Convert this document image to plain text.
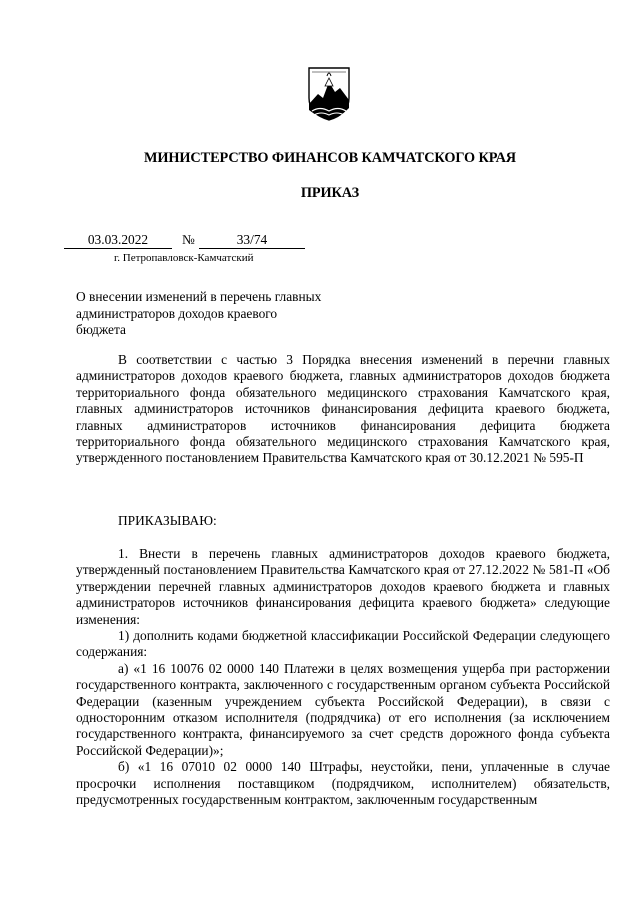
МИНИСТЕРСТВО ФИНАНСОВ КАМЧАТСКОГО КРАЯ
ПРИКАЗ
03.03.2022	№	33/74
г. Петропавловск-Камчатский
О внесении изменений в перечень главных администраторов доходов краевого бюджета

В соответствии с частью 3 Порядка внесения изменений в перечни главных администраторов доходов краевого бюджета, главных администраторов доходов бюджета территориального фонда обязательного медицинского страхования Камчатского края, главных администраторов источников финансирования дефицита краевого бюджета, главных администраторов источников финансирования дефицита бюджета территориального фонда обязательного медицинского страхования Камчатского края, утвержденного постановлением Правительства Камчатского края от 30.12.2021 № 595-П

ПРИКАЗЫВАЮ:

1. Внести в перечень главных администраторов доходов краевого бюджета, утвержденный постановлением Правительства Камчатского края от 27.12.2022 № 581-П «Об утверждении перечней главных администраторов доходов краевого бюджета и главных администраторов источников финансирования дефицита краевого бюджета» следующие изменения:

1) дополнить кодами бюджетной классификации Российской Федерации следующего содержания:

а) «1 16 10076 02 0000 140 Платежи в целях возмещения ущерба при расторжении государственного контракта, заключенного с государственным органом субъекта Российской Федерации (казенным учреждением субъекта Российской Федерации), в связи с односторонним отказом исполнителя (подрядчика) от его исполнения (за исключением государственного контракта, финансируемого за счет средств дорожного фонда субъекта Российской Федерации)»;

б) «1 16 07010 02 0000 140 Штрафы, неустойки, пени, уплаченные в случае просрочки исполнения поставщиком (подрядчиком, исполнителем) обязательств, предусмотренных государственным контрактом, заключенным государственным
